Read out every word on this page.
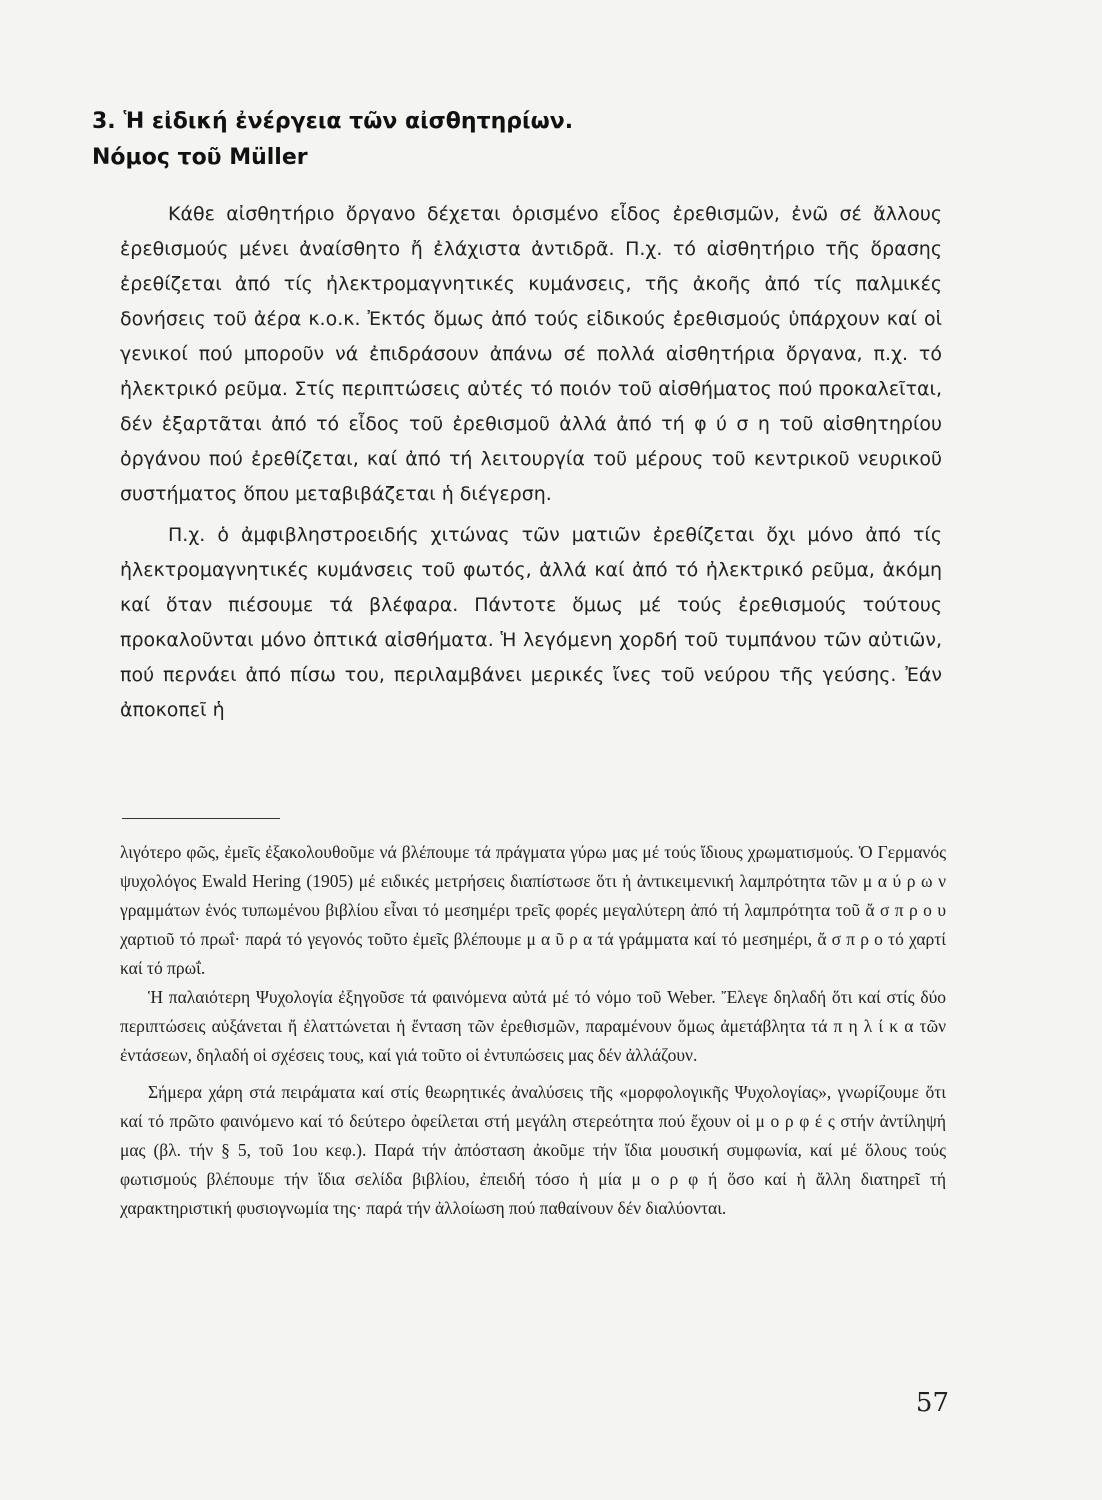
3. Ἡ εἰδική ἐνέργεια τῶν αἰσθητηρίων.
Νόμος τοῦ Müller

Κάθε αἰσθητήριο ὄργανο δέχεται ὁρισμένο εἶδος ἐρεθισμῶν, ἐνῶ σέ ἄλλους ἐρεθισμούς μένει ἀναίσθητο ἤ ἐλάχιστα ἀντιδρᾶ. Π.χ. τό αἰσθητήριο τῆς ὅρασης ἐρεθίζεται ἀπό τίς ἠλεκτρομαγνητικές κυμάνσεις, τῆς ἀκοῆς ἀπό τίς παλμικές δονήσεις τοῦ ἀέρα κ.ο.κ. Ἐκτός ὅμως ἀπό τούς εἰδικούς ἐρεθισμούς ὑπάρχουν καί οἱ γενικοί πού μποροῦν νά ἐπιδράσουν ἀπάνω σέ πολλά αἰσθητήρια ὄργανα, π.χ. τό ἠλεκτρικό ρεῦμα. Στίς περιπτώσεις αὐτές τό ποιόν τοῦ αἰσθήματος πού προκαλεῖται, δέν ἐξαρτᾶται ἀπό τό εἶδος τοῦ ἐρεθισμοῦ ἀλλά ἀπό τή φ ύ σ η τοῦ αἰσθητηρίου ὀργάνου πού ἐρεθίζεται, καί ἀπό τή λειτουργία τοῦ μέρους τοῦ κεντρικοῦ νευρικοῦ συστήματος ὅπου μεταβιβάζεται ἡ διέγερση.

Π.χ. ὁ ἀμφιβληστροειδής χιτώνας τῶν ματιῶν ἐρεθίζεται ὄχι μόνο ἀπό τίς ἠλεκτρομαγνητικές κυμάνσεις τοῦ φωτός, ἀλλά καί ἀπό τό ἠλεκτρικό ρεῦμα, ἀκόμη καί ὅταν πιέσουμε τά βλέφαρα. Πάντοτε ὅμως μέ τούς ἐρεθισμούς τούτους προκαλοῦνται μόνο ὀπτικά αἰσθήματα. Ἡ λεγόμενη χορδή τοῦ τυμπάνου τῶν αὐτιῶν, πού περνάει ἀπό πίσω του, περιλαμβάνει μερικές ἴνες τοῦ νεύρου τῆς γεύσης. Ἐάν ἀποκοπεῖ ἡ

λιγότερο φῶς, ἐμεῖς ἐξακολουθοῦμε νά βλέπουμε τά πράγματα γύρω μας μέ τούς ἴδιους χρωματισμούς. Ὁ Γερμανός ψυχολόγος Ewald Hering (1905) μέ ειδικές μετρήσεις διαπίστωσε ὅτι ἡ ἀντικειμενική λαμπρότητα τῶν μ α ύ ρ ω ν γραμμάτων ἑνός τυπωμένου βιβλίου εἶναι τό μεσημέρι τρεῖς φορές μεγαλύτερη ἀπό τή λαμπρότητα τοῦ ἄ σ π ρ ο υ χαρτιοῦ τό πρωΐ· παρά τό γεγονός τοῦτο ἐμεῖς βλέπουμε μ α ῦ ρ α τά γράμματα καί τό μεσημέρι, ἄ σ π ρ ο τό χαρτί καί τό πρωΐ.

Ἡ παλαιότερη Ψυχολογία ἐξηγοῦσε τά φαινόμενα αὐτά μέ τό νόμο τοῦ Weber. Ἔλεγε δηλαδή ὅτι καί στίς δύο περιπτώσεις αὐξάνεται ἤ ἐλαττώνεται ἡ ἔνταση τῶν ἐρεθισμῶν, παραμένουν ὅμως ἀμετάβλητα τά π η λ ί κ α τῶν ἐντάσεων, δηλαδή οἱ σχέσεις τους, καί γιά τοῦτο οἱ ἐντυπώσεις μας δέν ἀλλάζουν.

Σήμερα χάρη στά πειράματα καί στίς θεωρητικές ἀναλύσεις τῆς «μορφολογικῆς Ψυχολογίας», γνωρίζουμε ὅτι καί τό πρῶτο φαινόμενο καί τό δεύτερο ὀφείλεται στή μεγάλη στερεότητα πού ἔχουν οἱ μ ο ρ φ έ ς στήν ἀντίληψή μας (βλ. τήν § 5, τοῦ 1ου κεφ.). Παρά τήν ἀπόσταση ἀκοῦμε τήν ἴδια μουσική συμφωνία, καί μέ ὅλους τούς φωτισμούς βλέπουμε τήν ἴδια σελίδα βιβλίου, ἐπειδή τόσο ἡ μία μ ο ρ φ ή ὅσο καί ἡ ἄλλη διατηρεῖ τή χαρακτηριστική φυσιογνωμία της· παρά τήν ἀλλοίωση πού παθαίνουν δέν διαλύονται.

57
